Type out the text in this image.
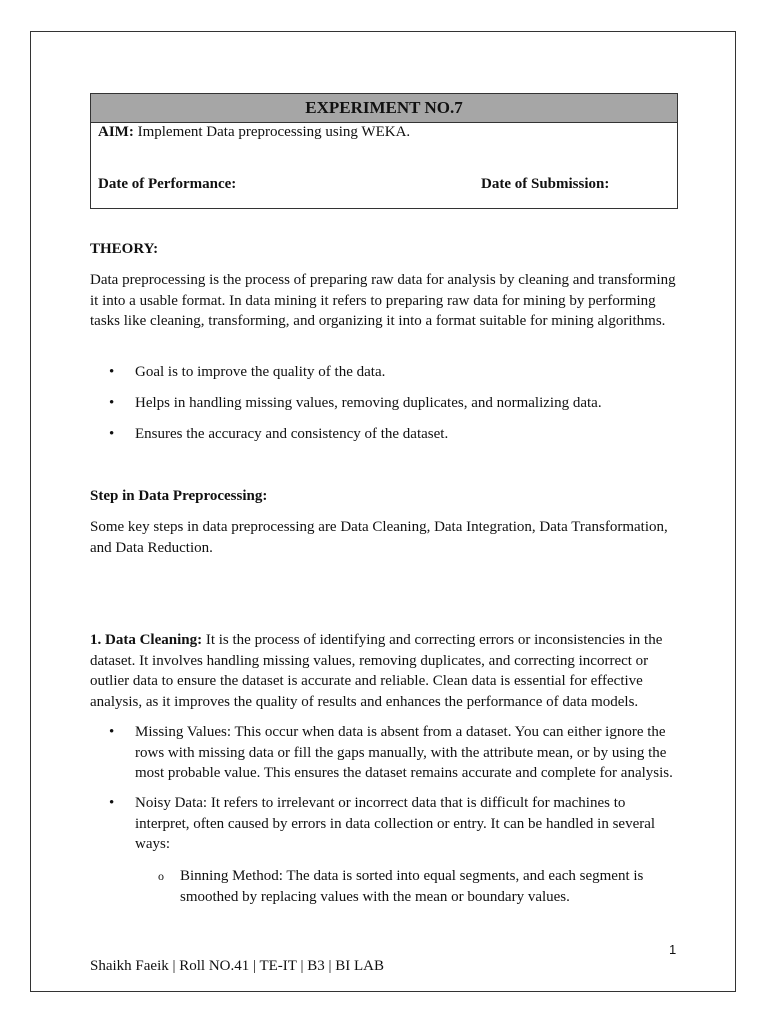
EXPERIMENT NO.7
AIM: Implement Data preprocessing using WEKA.
Date of Performance:	Date of Submission:
THEORY:
Data preprocessing is the process of preparing raw data for analysis by cleaning and transforming it into a usable format. In data mining it refers to preparing raw data for mining by performing tasks like cleaning, transforming, and organizing it into a format suitable for mining algorithms.
• Goal is to improve the quality of the data.
• Helps in handling missing values, removing duplicates, and normalizing data.
• Ensures the accuracy and consistency of the dataset.
Step in Data Preprocessing:
Some key steps in data preprocessing are Data Cleaning, Data Integration, Data Transformation, and Data Reduction.
1. Data Cleaning: It is the process of identifying and correcting errors or inconsistencies in the dataset. It involves handling missing values, removing duplicates, and correcting incorrect or outlier data to ensure the dataset is accurate and reliable. Clean data is essential for effective analysis, as it improves the quality of results and enhances the performance of data models.
• Missing Values: This occur when data is absent from a dataset. You can either ignore the rows with missing data or fill the gaps manually, with the attribute mean, or by using the most probable value. This ensures the dataset remains accurate and complete for analysis.
• Noisy Data: It refers to irrelevant or incorrect data that is difficult for machines to interpret, often caused by errors in data collection or entry. It can be handled in several ways:
o Binning Method: The data is sorted into equal segments, and each segment is smoothed by replacing values with the mean or boundary values.
1
Shaikh Faeik | Roll NO.41 | TE-IT | B3 | BI LAB
